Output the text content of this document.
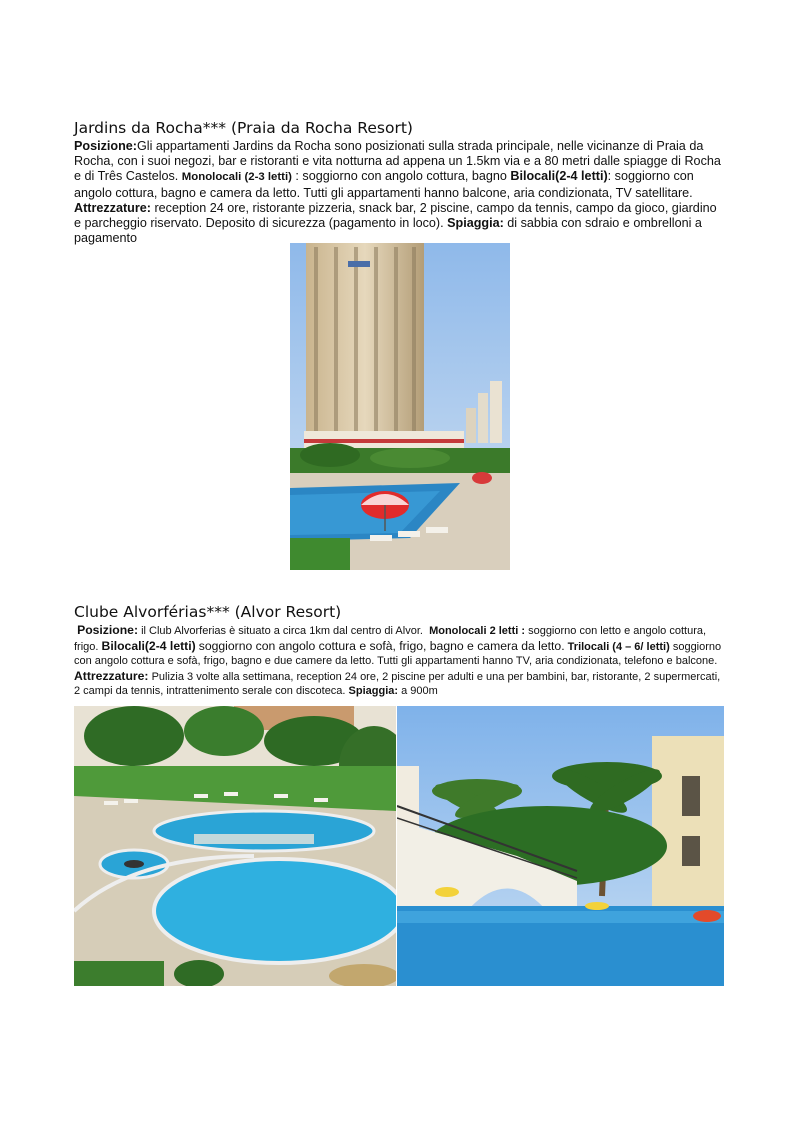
Jardins da Rocha*** (Praia da Rocha Resort)

Posizione:Gli appartamenti Jardins da Rocha sono posizionati sulla strada principale, nelle vicinanze di Praia da Rocha, con i suoi negozi, bar e ristoranti e vita notturna ad appena un 1.5km via e a 80 metri dalle spiagge di Rocha e di Três Castelos. Monolocali (2-3 letti) : soggiorno con angolo cottura, bagno Bilocali(2-4 letti): soggiorno con angolo cottura, bagno e camera da letto. Tutti gli appartamenti hanno balcone, aria condizionata, TV satellitare. Attrezzature: reception 24 ore, ristorante pizzeria, snack bar, 2 piscine, campo da tennis, campo da gioco, giardino e parcheggio riservato. Deposito di sicurezza (pagamento in loco). Spiaggia: di sabbia con sdraio e ombrelloni a pagamento

Clube Alvorférias*** (Alvor Resort)

Posizione: il Club Alvorferias è situato a circa 1km dal centro di Alvor. Monolocali 2 letti : soggiorno con letto e angolo cottura, frigo. Bilocali(2-4 letti) soggiorno con angolo cottura e sofà, frigo, bagno e camera da letto. Trilocali (4 – 6/ letti) soggiorno con angolo cottura e sofà, frigo, bagno e due camere da letto. Tutti gli appartamenti hanno TV, aria condizionata, telefono e balcone.  Attrezzature: Pulizia 3 volte alla settimana, reception 24 ore, 2 piscine per adulti e una per bambini, bar, ristorante, 2 supermercati, 2 campi da tennis, intrattenimento serale con discoteca. Spiaggia: a 900m
